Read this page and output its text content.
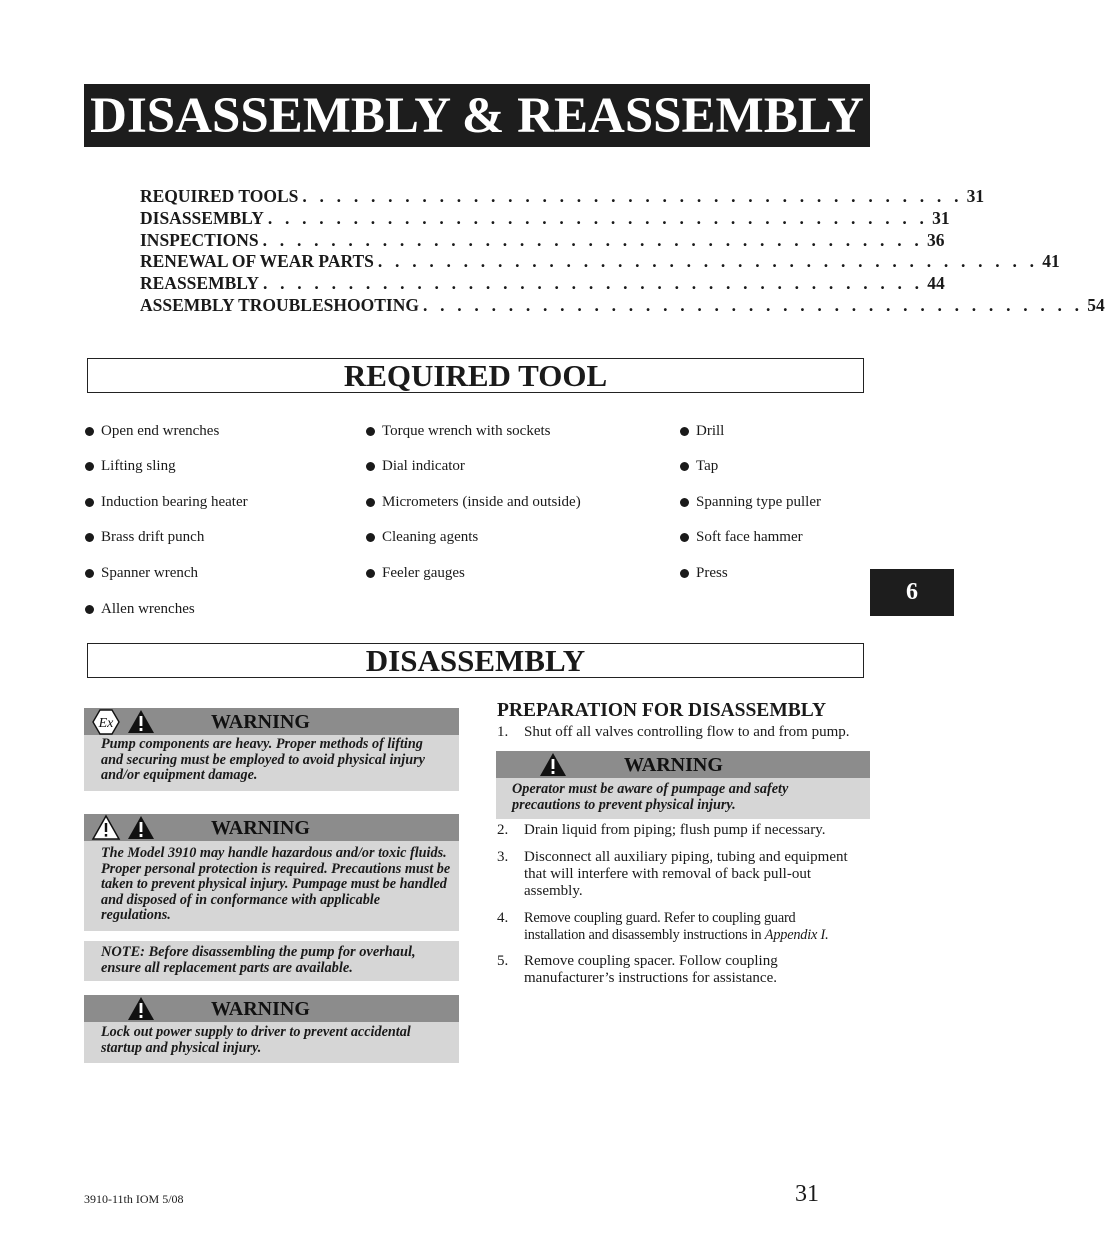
DISASSEMBLY & REASSEMBLY
REQUIRED TOOLS . . . . . . . . . . . . . . . . . . . . . . . . . . . . . . . . . . . . . . . 31
DISASSEMBLY . . . . . . . . . . . . . . . . . . . . . . . . . . . . . . . . . . . . . . . 31
INSPECTIONS . . . . . . . . . . . . . . . . . . . . . . . . . . . . . . . . . . . . . . . 36
RENEWAL OF WEAR PARTS . . . . . . . . . . . . . . . . . . . . . . . . . . . . . . . . . . . . . . . 41
REASSEMBLY . . . . . . . . . . . . . . . . . . . . . . . . . . . . . . . . . . . . . . . 44
ASSEMBLY TROUBLESHOOTING . . . . . . . . . . . . . . . . . . . . . . . . . . . . . . . . . . . . . . . 54
REQUIRED TOOL
Open end wrenches
Lifting sling
Induction bearing heater
Brass drift punch
Spanner wrench
Allen wrenches
Torque wrench with sockets
Dial indicator
Micrometers (inside and outside)
Cleaning agents
Feeler gauges
Drill
Tap
Spanning type puller
Soft face hammer
Press
6
DISASSEMBLY
Ex	WARNING
Pump components are heavy. Proper methods of lifting
and securing must be employed to avoid physical injury
and/or equipment damage.
WARNING
The Model 3910 may handle hazardous and/or toxic fluids.
Proper personal protection is required. Precautions must be
taken to prevent physical injury. Pumpage must be handled
and disposed of in conformance with applicable
regulations.
NOTE: Before disassembling the pump for overhaul,
ensure all replacement parts are available.
WARNING
Lock out power supply to driver to prevent accidental
startup and physical injury.
PREPARATION FOR DISASSEMBLY
1. Shut off all valves controlling flow to and from pump.
WARNING
Operator must be aware of pumpage and safety
precautions to prevent physical injury.
2. Drain liquid from piping; flush pump if necessary.
3. Disconnect all auxiliary piping, tubing and equipment
that will interfere with removal of back pull-out
assembly.
4. Remove coupling guard. Refer to coupling guard
installation and disassembly instructions in Appendix I.
5. Remove coupling spacer. Follow coupling
manufacturer’s instructions for assistance.
3910-11th IOM 5/08	31
